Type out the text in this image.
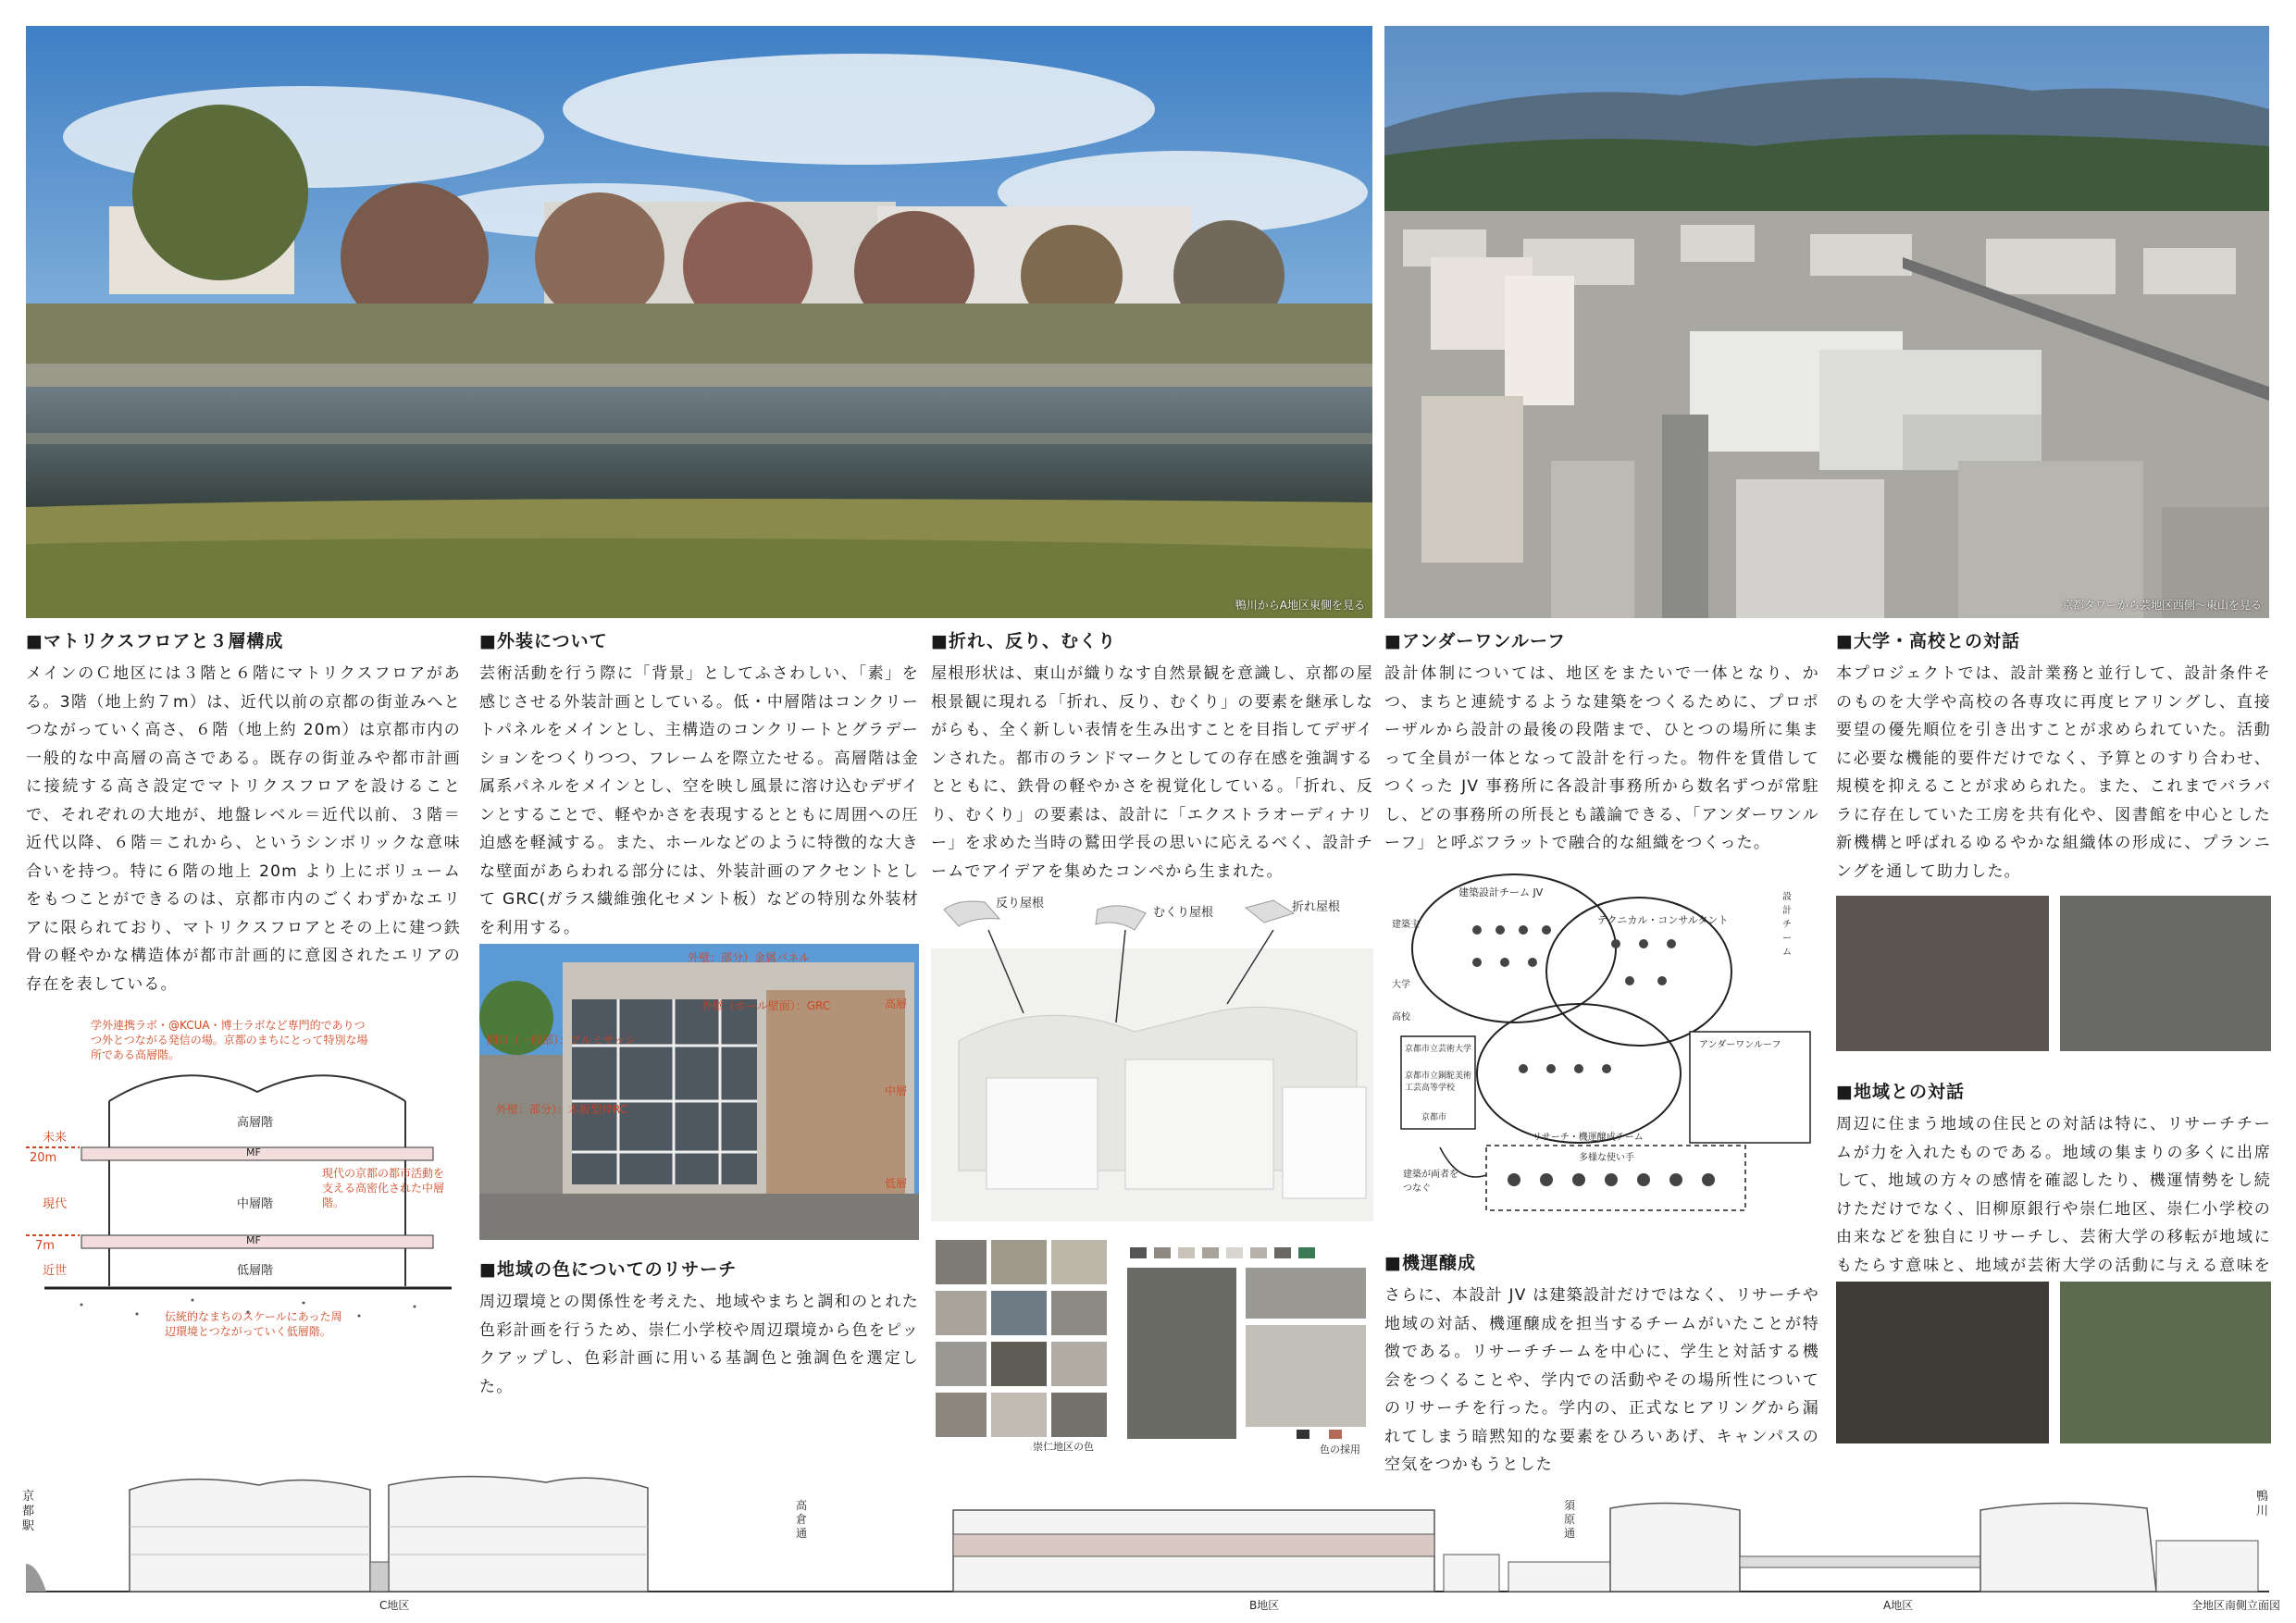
鴨川からA地区東側を見る	京都タワーから芸地区西側〜東山を見る
■マトリクスフロアと３層構成

メインのＣ地区には３階と６階にマトリクスフロアがある。3階（地上約７m）は、近代以前の京都の街並みへとつながっていく高さ、６階（地上約 20m）は京都市内の一般的な中高層の高さである。既存の街並みや都市計画に接続する高さ設定でマトリクスフロアを設けることで、それぞれの大地が、地盤レベル＝近代以前、３階＝近代以降、６階＝これから、というシンボリックな意味合いを持つ。特に６階の地上 20m より上にボリュームをもつことができるのは、京都市内のごくわずかなエリアに限られており、マトリクスフロアとその上に建つ鉄骨の軽やかな構造体が都市計画的に意図されたエリアの存在を表している。

■外装について

芸術活動を行う際に「背景」としてふさわしい、「素」を感じさせる外装計画としている。低・中層階はコンクリートパネルをメインとし、主構造のコンクリートとグラデーションをつくりつつ、フレームを際立たせる。高層階は金属系パネルをメインとし、空を映し風景に溶け込むデザインとすることで、軽やかさを表現するとともに周囲への圧迫感を軽減する。また、ホールなどのように特徴的な大きな壁面があらわれる部分には、外装計画のアクセントとして GRC(ガラス繊維強化セメント板）などの特別な外装材を利用する。

■折れ、反り、むくり

屋根形状は、東山が織りなす自然景観を意識し、京都の屋根景観に現れる「折れ、反り、むくり」の要素を継承しながらも、全く新しい表情を生み出すことを目指してデザインされた。都市のランドマークとしての存在感を強調するとともに、鉄骨の軽やかさを視覚化している。「折れ、反り、むくり」の要素は、設計に「エクストラオーディナリー」を求めた当時の鷲田学長の思いに応えるべく、設計チームでアイデアを集めたコンペから生まれた。

■アンダーワンルーフ

設計体制については、地区をまたいで一体となり、かつ、まちと連続するような建築をつくるために、プロポーザルから設計の最後の段階まで、ひとつの場所に集まって全員が一体となって設計を行った。物件を賃借してつくった JV 事務所に各設計事務所から数名ずつが常駐し、どの事務所の所長とも議論できる、「アンダーワンルーフ」と呼ぶフラットで融合的な組織をつくった。

■大学・高校との対話

本プロジェクトでは、設計業務と並行して、設計条件そのものを大学や高校の各専攻に再度ヒアリングし、直接要望の優先順位を引き出すことが求められていた。活動に必要な機能的要件だけでなく、予算とのすり合わせ、規模を抑えることが求められた。また、これまでバラバラに存在していた工房を共有化や、図書館を中心とした新機構と呼ばれるゆるやかな組織体の形成に、プランニングを通して助力した。

■地域の色についてのリサーチ

周辺環境との関係性を考えた、地域やまちと調和のとれた色彩計画を行うため、崇仁小学校や周辺環境から色をピックアップし、色彩計画に用いる基調色と強調色を選定した。

■機運醸成

さらに、本設計 JV は建築設計だけではなく、リサーチや地域の対話、機運醸成を担当するチームがいたことが特徴である。リサーチチームを中心に、学生と対話する機会をつくることや、学内での活動やその場所性についてのリサーチを行った。学内の、正式なヒアリングから漏れてしまう暗黙知的な要素をひろいあげ、キャンパスの空気をつかもうとした

■地域との対話

周辺に住まう地域の住民との対話は特に、リサーチチームが力を入れたものである。地域の集まりの多くに出席して、地域の方々の感情を確認したり、機運情勢をし続けただけでなく、旧柳原銀行や崇仁地区、崇仁小学校の由来などを独自にリサーチし、芸術大学の移転が地域にもたらす意味と、地域が芸術大学の活動に与える意味を

学外連携ラボ・@KCUA・博士ラボなど専門的でありつつ外とつながる発信の場。京都のまちにとって特別な場所である高層階。
未来
20m
現代
7m
近世
高層階
MF
中層階
MF
低層階
現代の京都の都市活動を支える高密化された中層階。
伝統的なまちのスケールにあった周辺環境とつながっていく低層階。
外壁：部分）金属パネル
外壁（ホール壁面）：GRC
開口（一般部）：アルミサッシ
外壁：部分）：木板型枠RC
高層
中層
低層
反り屋根
むくり屋根	折れ屋根
崇仁地区の色	色の採用
建築設計チーム JV
テクニカル・コンサルタント
設計チーム
建築主
大学
高校
京都市立芸術大学
京都市立銅駝美術工芸高等学校
京都市
アンダーワンルーフ
リサーチ・機運醸成チーム
多様な使い手
建築が両者をつなぐ
京都駅
高倉通
須原通
鴨川
C地区	B地区	A地区	全地区南側立面図
